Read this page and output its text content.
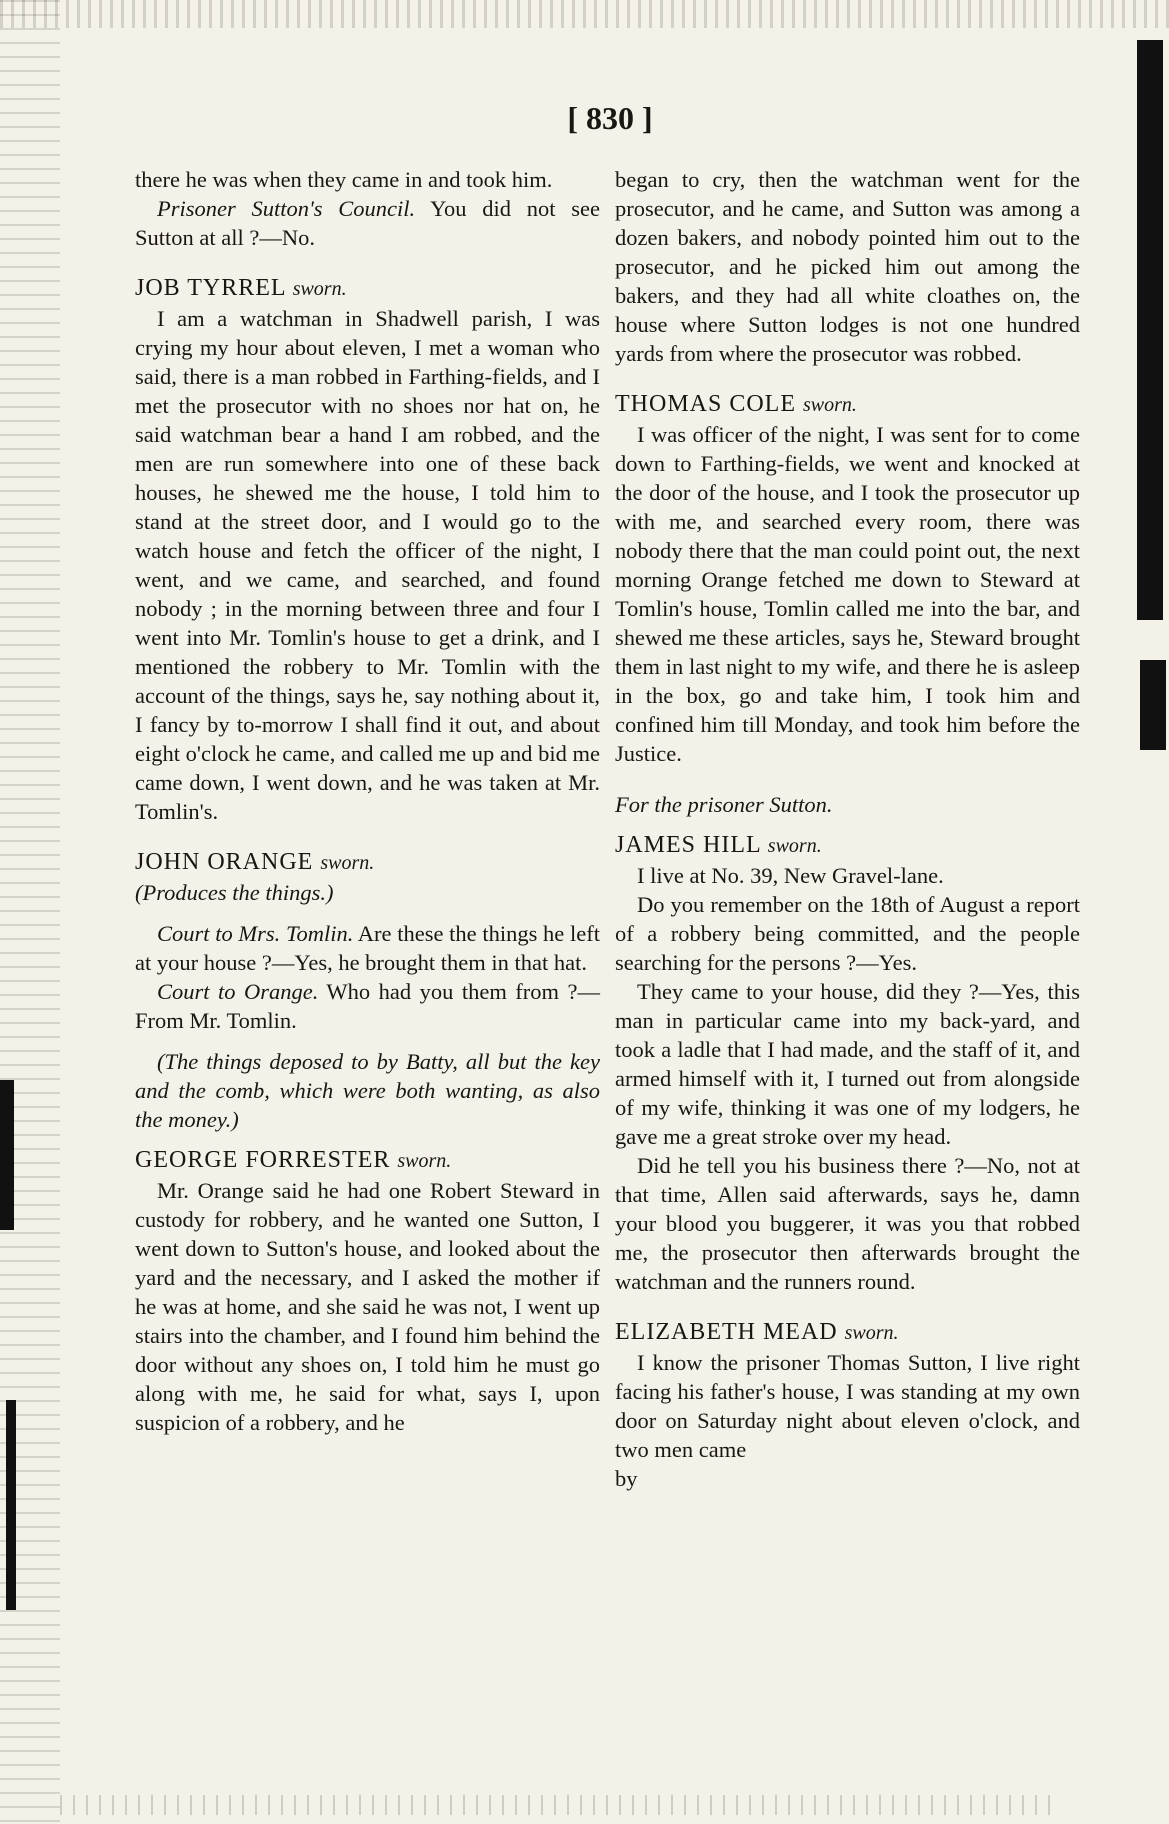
[ 830 ]

there he was when they came in and took him.

Prisoner Sutton's Council. You did not see Sutton at all ?—No.

JOB TYRREL sworn.

I am a watchman in Shadwell parish, I was crying my hour about eleven, I met a woman who said, there is a man robbed in Farthing-fields, and I met the prosecutor with no shoes nor hat on, he said watchman bear a hand I am robbed, and the men are run somewhere into one of these back houses, he shewed me the house, I told him to stand at the street door, and I would go to the watch house and fetch the officer of the night, I went, and we came, and searched, and found nobody ; in the morning between three and four I went into Mr. Tomlin's house to get a drink, and I mentioned the robbery to Mr. Tomlin with the account of the things, says he, say nothing about it, I fancy by to-morrow I shall find it out, and about eight o'clock he came, and called me up and bid me came down, I went down, and he was taken at Mr. Tomlin's.

JOHN ORANGE sworn.

(Produces the things.)

Court to Mrs. Tomlin. Are these the things he left at your house ?—Yes, he brought them in that hat.

Court to Orange. Who had you them from ?—From Mr. Tomlin.

(The things deposed to by Batty, all but the key and the comb, which were both wanting, as also the money.)

GEORGE FORRESTER sworn.

Mr. Orange said he had one Robert Steward in custody for robbery, and he wanted one Sutton, I went down to Sutton's house, and looked about the yard and the necessary, and I asked the mother if he was at home, and she said he was not, I went up stairs into the chamber, and I found him behind the door without any shoes on, I told him he must go along with me, he said for what, says I, upon suspicion of a robbery, and he

began to cry, then the watchman went for the prosecutor, and he came, and Sutton was among a dozen bakers, and nobody pointed him out to the prosecutor, and he picked him out among the bakers, and they had all white cloathes on, the house where Sutton lodges is not one hundred yards from where the prosecutor was robbed.

THOMAS COLE sworn.

I was officer of the night, I was sent for to come down to Farthing-fields, we went and knocked at the door of the house, and I took the prosecutor up with me, and searched every room, there was nobody there that the man could point out, the next morning Orange fetched me down to Steward at Tomlin's house, Tomlin called me into the bar, and shewed me these articles, says he, Steward brought them in last night to my wife, and there he is asleep in the box, go and take him, I took him and confined him till Monday, and took him before the Justice.

For the prisoner Sutton.

JAMES HILL sworn.

I live at No. 39, New Gravel-lane.

Do you remember on the 18th of August a report of a robbery being committed, and the people searching for the persons ?—Yes.

They came to your house, did they ?—Yes, this man in particular came into my back-yard, and took a ladle that I had made, and the staff of it, and armed himself with it, I turned out from alongside of my wife, thinking it was one of my lodgers, he gave me a great stroke over my head.

Did he tell you his business there ?—No, not at that time, Allen said afterwards, says he, damn your blood you buggerer, it was you that robbed me, the prosecutor then afterwards brought the watchman and the runners round.

ELIZABETH MEAD sworn.

I know the prisoner Thomas Sutton, I live right facing his father's house, I was standing at my own door on Saturday night about eleven o'clock, and two men came

by
